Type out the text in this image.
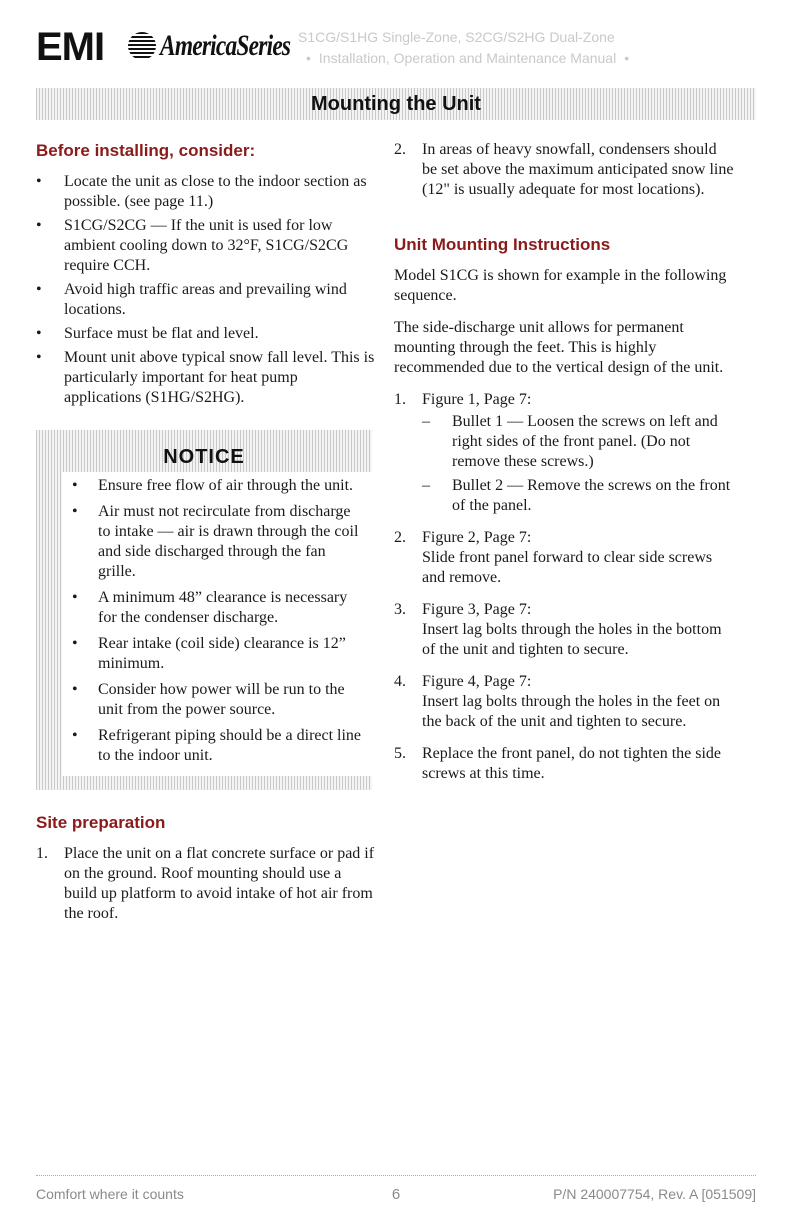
EMI AmericaSeries S1CG/S1HG Single-Zone, S2CG/S2HG Dual-Zone
• Installation, Operation and Maintenance Manual •
Mounting the Unit
Before installing, consider:
• Locate the unit as close to the indoor section as possible. (see page 11.)
• S1CG/S2CG — If the unit is used for low ambient cooling down to 32°F, S1CG/S2CG require CCH.
• Avoid high traffic areas and prevailing wind locations.
• Surface must be flat and level.
• Mount unit above typical snow fall level. This is particularly important for heat pump applications (S1HG/S2HG).
NOTICE
• Ensure free flow of air through the unit.
• Air must not recirculate from discharge to intake — air is drawn through the coil and side discharged through the fan grille.
• A minimum 48” clearance is necessary for the condenser discharge.
• Rear intake (coil side) clearance is 12” minimum.
• Consider how power will be run to the unit from the power source.
• Refrigerant piping should be a direct line to the indoor unit.
Site preparation
1. Place the unit on a flat concrete surface or pad if on the ground. Roof mounting should use a build up platform to avoid intake of hot air from the roof.
2. In areas of heavy snowfall, condensers should be set above the maximum anticipated snow line (12" is usually adequate for most locations).
Unit Mounting Instructions

Model S1CG is shown for example in the following sequence.

The side-discharge unit allows for permanent mounting through the feet. This is highly recommended due to the vertical design of the unit.

1. Figure 1, Page 7:
– Bullet 1 — Loosen the screws on left and right sides of the front panel. (Do not remove these screws.)
– Bullet 2 — Remove the screws on the front of the panel.
2. Figure 2, Page 7:
Slide front panel forward to clear side screws and remove.
3. Figure 3, Page 7:
Insert lag bolts through the holes in the bottom of the unit and tighten to secure.
4. Figure 4, Page 7:
Insert lag bolts through the holes in the feet on the back of the unit and tighten to secure.
5. Replace the front panel, do not tighten the side screws at this time.
Comfort where it counts	6	P/N 240007754, Rev. A [051509]
